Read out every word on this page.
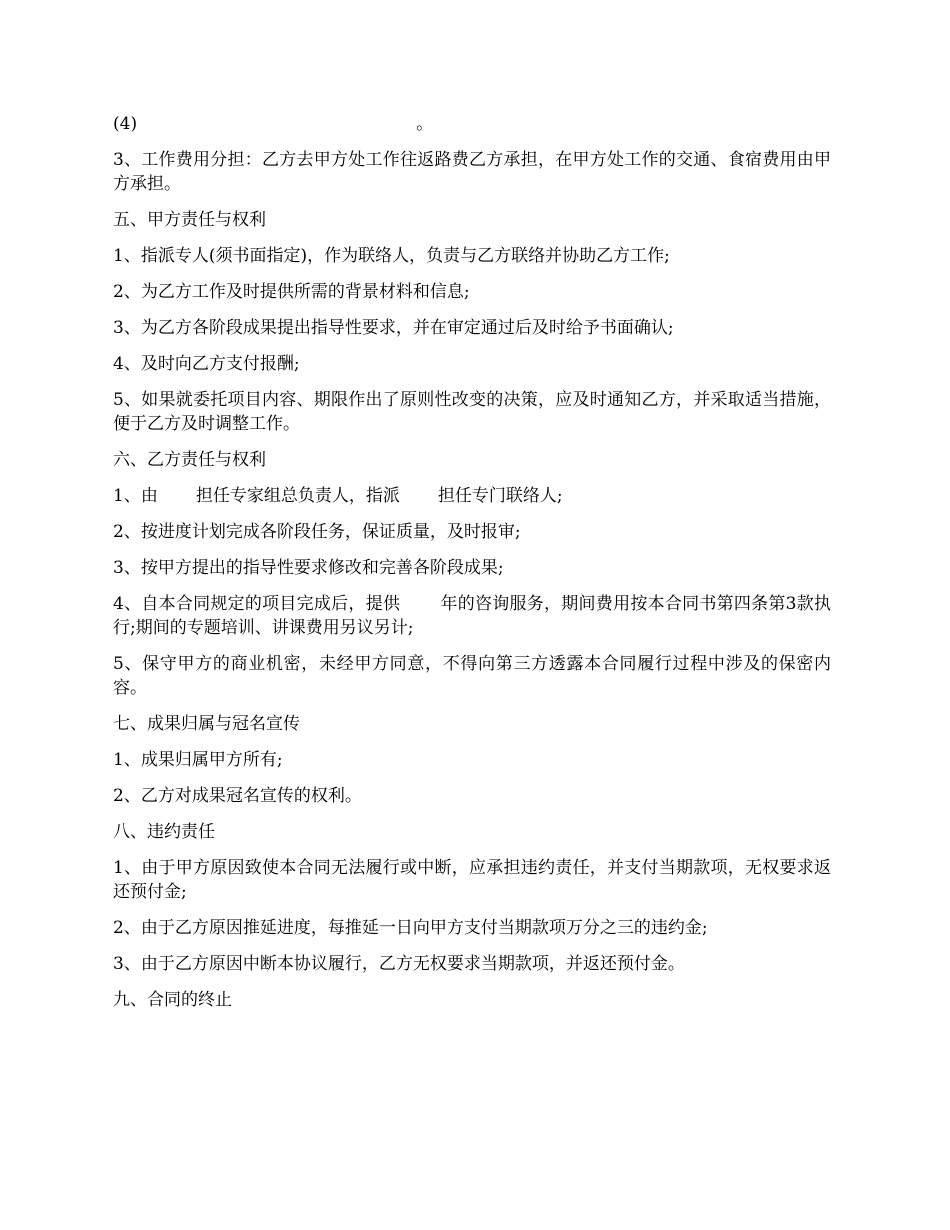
(4)	。

3、工作费用分担：乙方去甲方处工作往返路费乙方承担，在甲方处工作的交通、食宿费用由甲方承担。

五、甲方责任与权利

1、指派专人(须书面指定)，作为联络人，负责与乙方联络并协助乙方工作;

2、为乙方工作及时提供所需的背景材料和信息;

3、为乙方各阶段成果提出指导性要求，并在审定通过后及时给予书面确认;

4、及时向乙方支付报酬;

5、如果就委托项目内容、期限作出了原则性改变的决策，应及时通知乙方，并采取适当措施，便于乙方及时调整工作。

六、乙方责任与权利

1、由 担任专家组总负责人，指派 担任专门联络人;

2、按进度计划完成各阶段任务，保证质量，及时报审;

3、按甲方提出的指导性要求修改和完善各阶段成果;

4、自本合同规定的项目完成后，提供 年的咨询服务，期间费用按本合同书第四条第3款执行;期间的专题培训、讲课费用另议另计;

5、保守甲方的商业机密，未经甲方同意，不得向第三方透露本合同履行过程中涉及的保密内容。

七、成果归属与冠名宣传

1、成果归属甲方所有;

2、乙方对成果冠名宣传的权利。

八、违约责任

1、由于甲方原因致使本合同无法履行或中断，应承担违约责任，并支付当期款项，无权要求返还预付金;

2、由于乙方原因推延进度，每推延一日向甲方支付当期款项万分之三的违约金;

3、由于乙方原因中断本协议履行，乙方无权要求当期款项，并返还预付金。

九、合同的终止
